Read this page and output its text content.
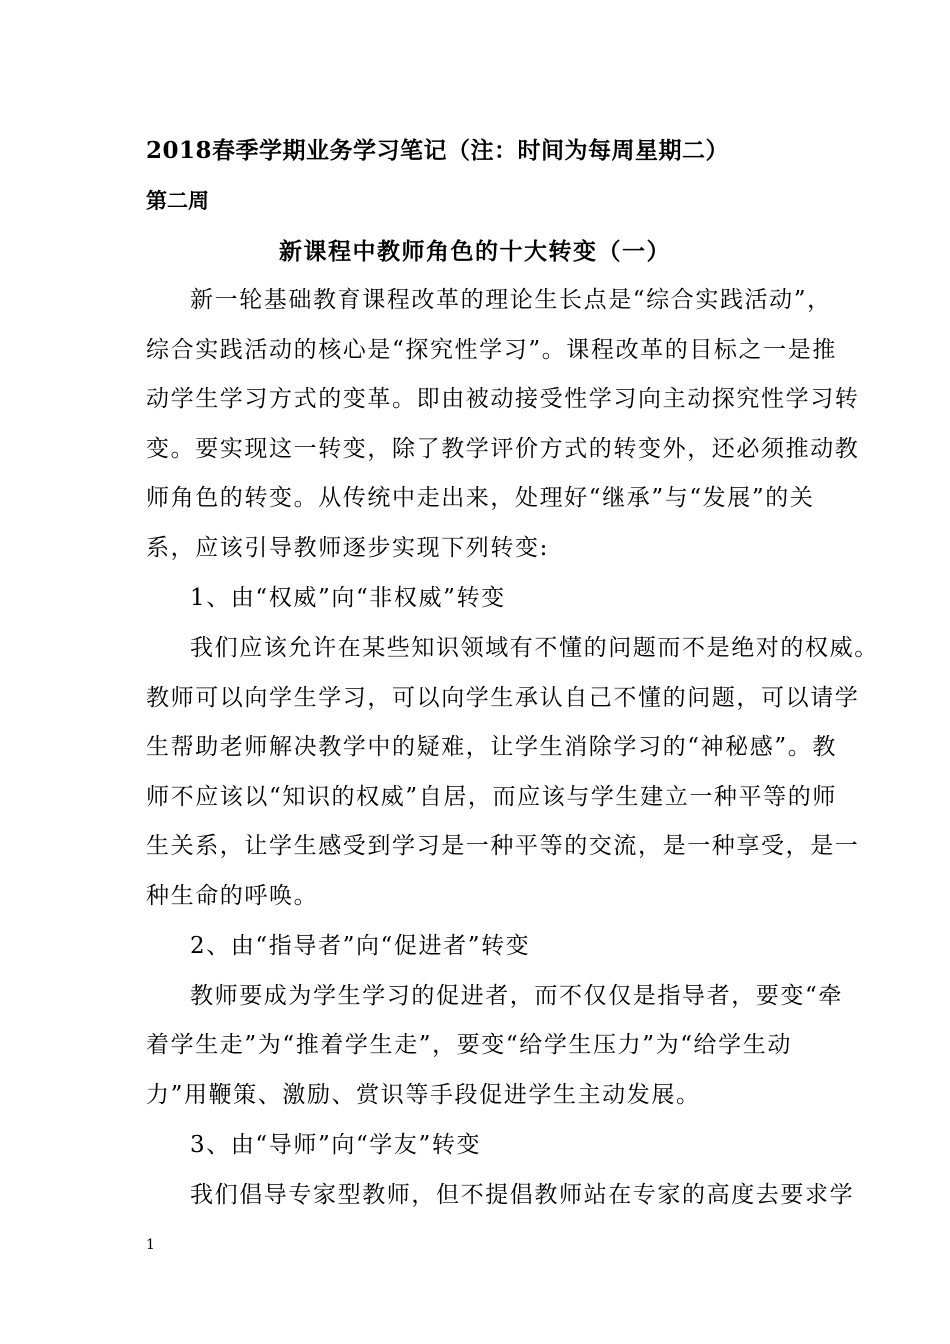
2018春季学期业务学习笔记（注：时间为每周星期二）
第二周
新课程中教师角色的十大转变（一）
新一轮基础教育课程改革的理论生长点是“综合实践活动”，
综合实践活动的核心是“探究性学习”。课程改革的目标之一是推
动学生学习方式的变革。即由被动接受性学习向主动探究性学习转
变。要实现这一转变，除了教学评价方式的转变外，还必须推动教
师角色的转变。从传统中走出来，处理好“继承”与“发展”的关
系，应该引导教师逐步实现下列转变:
1、由“权威”向“非权威”转变
我们应该允许在某些知识领域有不懂的问题而不是绝对的权威。
教师可以向学生学习，可以向学生承认自己不懂的问题，可以请学
生帮助老师解决教学中的疑难，让学生消除学习的“神秘感”。教
师不应该以“知识的权威”自居，而应该与学生建立一种平等的师
生关系，让学生感受到学习是一种平等的交流，是一种享受，是一
种生命的呼唤。
2、由“指导者”向“促进者”转变
教师要成为学生学习的促进者，而不仅仅是指导者，要变“牵
着学生走”为“推着学生走”，要变“给学生压力”为“给学生动
力”用鞭策、激励、赏识等手段促进学生主动发展。
3、由“导师”向“学友”转变
我们倡导专家型教师，但不提倡教师站在专家的高度去要求学
1
